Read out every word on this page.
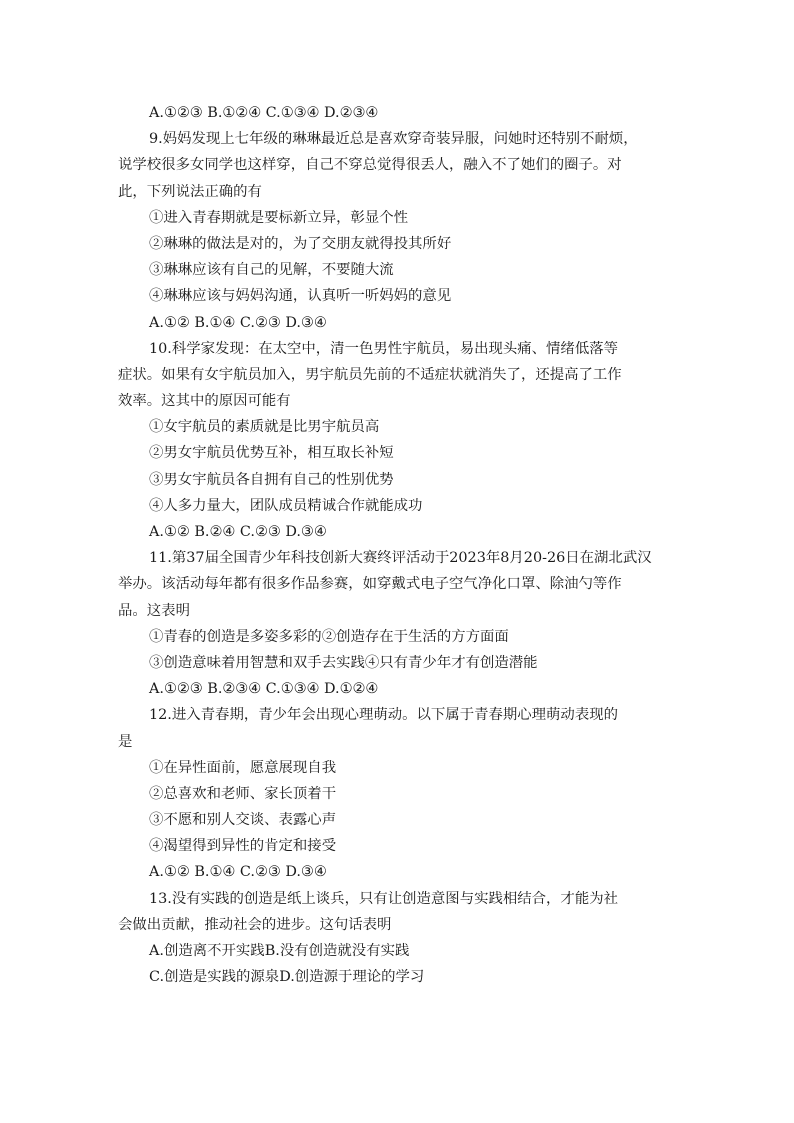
A.①②③ B.①②④ C.①③④ D.②③④
9.妈妈发现上七年级的琳琳最近总是喜欢穿奇装异服，问她时还特别不耐烦，
说学校很多女同学也这样穿，自己不穿总觉得很丢人，融入不了她们的圈子。对
此，下列说法正确的有
①进入青春期就是要标新立异，彰显个性
②琳琳的做法是对的，为了交朋友就得投其所好
③琳琳应该有自己的见解，不要随大流
④琳琳应该与妈妈沟通，认真听一听妈妈的意见
A.①② B.①④ C.②③ D.③④
10.科学家发现：在太空中，清一色男性宇航员，易出现头痛、情绪低落等
症状。如果有女宇航员加入，男宇航员先前的不适症状就消失了，还提高了工作
效率。这其中的原因可能有
①女宇航员的素质就是比男宇航员高
②男女宇航员优势互补，相互取长补短
③男女宇航员各自拥有自己的性别优势
④人多力量大，团队成员精诚合作就能成功
A.①② B.②④ C.②③ D.③④
11.第37届全国青少年科技创新大赛终评活动于2023年8月20-26日在湖北武汉
举办。该活动每年都有很多作品参赛，如穿戴式电子空气净化口罩、除油勺等作
品。这表明
①青春的创造是多姿多彩的②创造存在于生活的方方面面
③创造意味着用智慧和双手去实践④只有青少年才有创造潜能
A.①②③ B.②③④ C.①③④ D.①②④
12.进入青春期，青少年会出现心理萌动。以下属于青春期心理萌动表现的
是
①在异性面前，愿意展现自我
②总喜欢和老师、家长顶着干
③不愿和别人交谈、表露心声
④渴望得到异性的肯定和接受
A.①② B.①④ C.②③ D.③④
13.没有实践的创造是纸上谈兵，只有让创造意图与实践相结合，才能为社
会做出贡献，推动社会的进步。这句话表明
A.创造离不开实践B.没有创造就没有实践
C.创造是实践的源泉D.创造源于理论的学习
